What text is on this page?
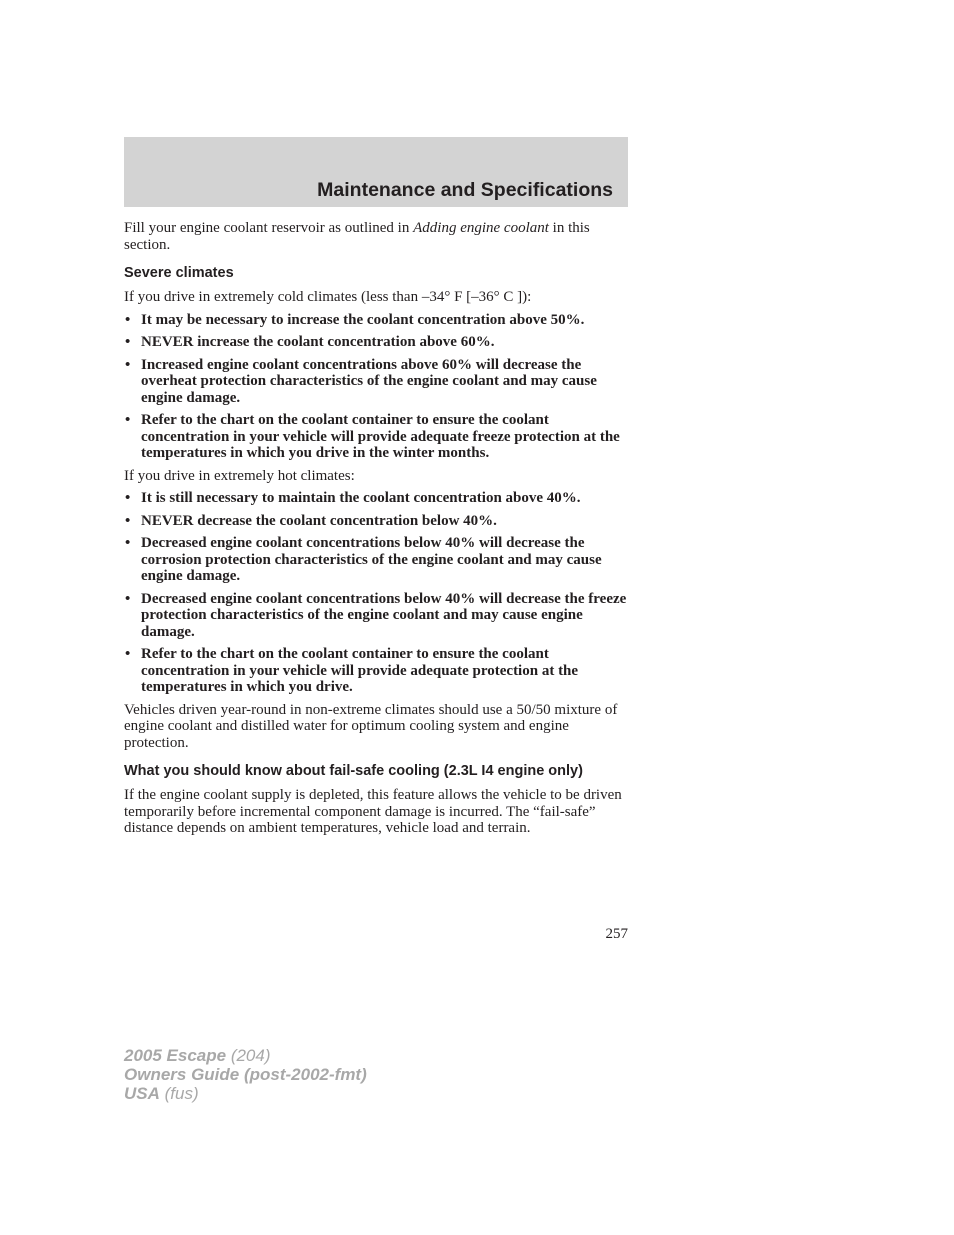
Maintenance and Specifications

Fill your engine coolant reservoir as outlined in Adding engine coolant in this section.

Severe climates

If you drive in extremely cold climates (less than –34° F [–36° C ]):

• It may be necessary to increase the coolant concentration above 50%.
• NEVER increase the coolant concentration above 60%.
• Increased engine coolant concentrations above 60% will decrease the overheat protection characteristics of the engine coolant and may cause engine damage.
• Refer to the chart on the coolant container to ensure the coolant concentration in your vehicle will provide adequate freeze protection at the temperatures in which you drive in the winter months.

If you drive in extremely hot climates:

• It is still necessary to maintain the coolant concentration above 40%.
• NEVER decrease the coolant concentration below 40%.
• Decreased engine coolant concentrations below 40% will decrease the corrosion protection characteristics of the engine coolant and may cause engine damage.
• Decreased engine coolant concentrations below 40% will decrease the freeze protection characteristics of the engine coolant and may cause engine damage.
• Refer to the chart on the coolant container to ensure the coolant concentration in your vehicle will provide adequate protection at the temperatures in which you drive.

Vehicles driven year-round in non-extreme climates should use a 50/50 mixture of engine coolant and distilled water for optimum cooling system and engine protection.

What you should know about fail-safe cooling (2.3L I4 engine only)

If the engine coolant supply is depleted, this feature allows the vehicle to be driven temporarily before incremental component damage is incurred. The “fail-safe” distance depends on ambient temperatures, vehicle load and terrain.

257
2005 Escape (204)
Owners Guide (post-2002-fmt)
USA (fus)
